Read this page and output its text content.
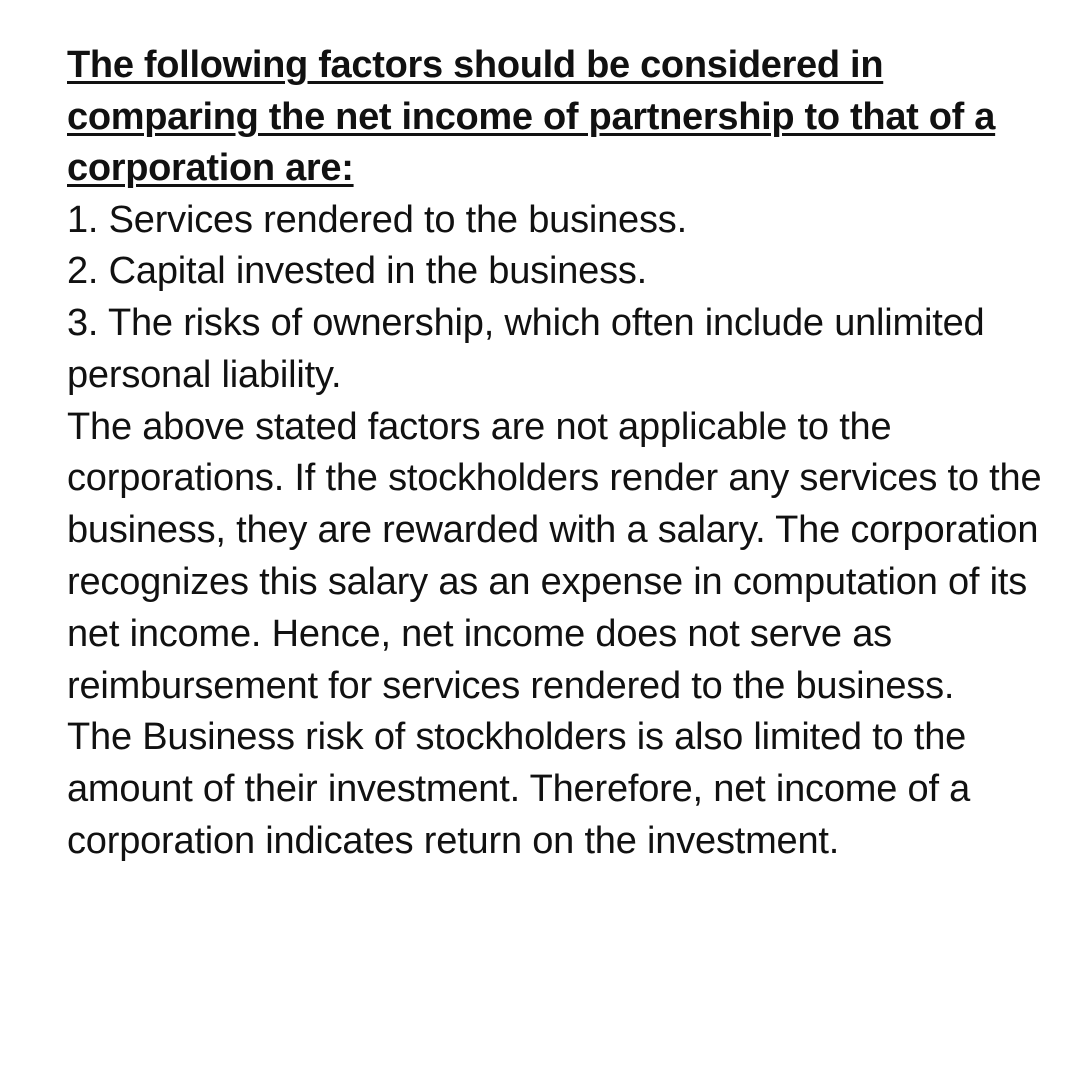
The following factors should be considered in comparing the net income of partnership to that of a corporation are:

1. Services rendered to the business.
2. Capital invested in the business.
3. The risks of ownership, which often include unlimited personal liability.

The above stated factors are not applicable to the corporations. If the stockholders render any services to the business, they are rewarded with a salary. The corporation recognizes this salary as an expense in computation of its net income. Hence, net income does not serve as reimbursement for services rendered to the business.

The Business risk of stockholders is also limited to the amount of their investment. Therefore, net income of a corporation indicates return on the investment.
